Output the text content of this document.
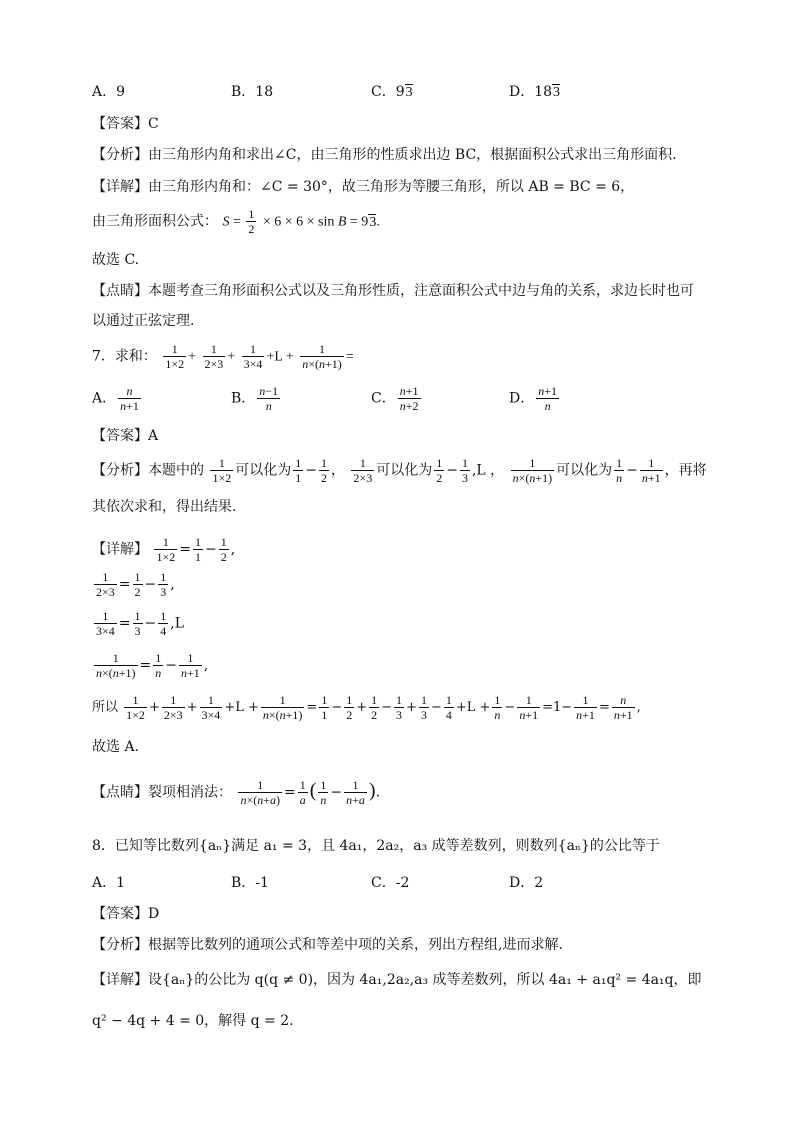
A．9	B．18	C．93	D．183
【答案】C
【分析】由三角形内角和求出∠C，由三角形的性质求出边 BC，根据面积公式求出三角形面积.
【详解】由三角形内角和：∠C = 30°，故三角形为等腰三角形，所以 AB = BC = 6，
由三角形面积公式： $S = \frac{1}{2} \times 6 \times 6 \times \sin B = 93$.
故选 C.
【点睛】本题考查三角形面积公式以及三角形性质，注意面积公式中边与角的关系，求边长时也可
以通过正弦定理.
7．求和： $\frac{1}{1\times 2} + \frac{1}{2\times 3} + \frac{1}{3\times 4} +L + \frac{1}{n\times(n+1)}$ =
A． $\frac{n}{n+1}$	B． $\frac{n-1}{n}$	C． $\frac{n+1}{n+2}$	D． $\frac{n+1}{n}$
【答案】A
【分析】本题中的 $\frac{1}{1\times 2}$ 可以化为 $\frac{1}{1} - \frac{1}{2}$ ， $\frac{1}{2\times 3}$ 可以化为 $\frac{1}{2} - \frac{1}{3} ,L$ ， $\frac{1}{n\times(n+1)}$ 可以化为 $\frac{1}{n} - \frac{1}{n+1}$ ，再将
其依次求和，得出结果.
【详解】 $\frac{1}{1\times 2} = \frac{1}{1} - \frac{1}{2}$ ,
$\frac{1}{2\times 3} = \frac{1}{2} - \frac{1}{3}$ ,
$\frac{1}{3\times 4} = \frac{1}{3} - \frac{1}{4} ,L$
$\frac{1}{n\times(n+1)} = \frac{1}{n} - \frac{1}{n+1}$ ,
所以 $\frac{1}{1\times 2} + \frac{1}{2\times 3} + \frac{1}{3\times 4} +L + \frac{1}{n\times(n+1)} = \frac{1}{1} - \frac{1}{2} + \frac{1}{2} - \frac{1}{3} + \frac{1}{3} - \frac{1}{4} +L + \frac{1}{n} - \frac{1}{n+1} =1- \frac{1}{n+1} = \frac{n}{n+1}$ ,
故选 A.
【点睛】裂项相消法： $\frac{1}{n\times(n+a)} = \frac{1}{a}$ ( $\frac{1}{n} - \frac{1}{n+a}$ ).
8．已知等比数列{aₙ}满足 a₁ = 3，且 4a₁，2a₂，a₃ 成等差数列，则数列{aₙ}的公比等于
A．1	B．-1	C．-2	D．2
【答案】D
【分析】根据等比数列的通项公式和等差中项的关系，列出方程组,进而求解.
【详解】设{aₙ}的公比为 q(q ≠ 0)，因为 4a₁,2a₂,a₃ 成等差数列，所以 4a₁ + a₁q² = 4a₁q，即
q² − 4q + 4 = 0，解得 q = 2.
